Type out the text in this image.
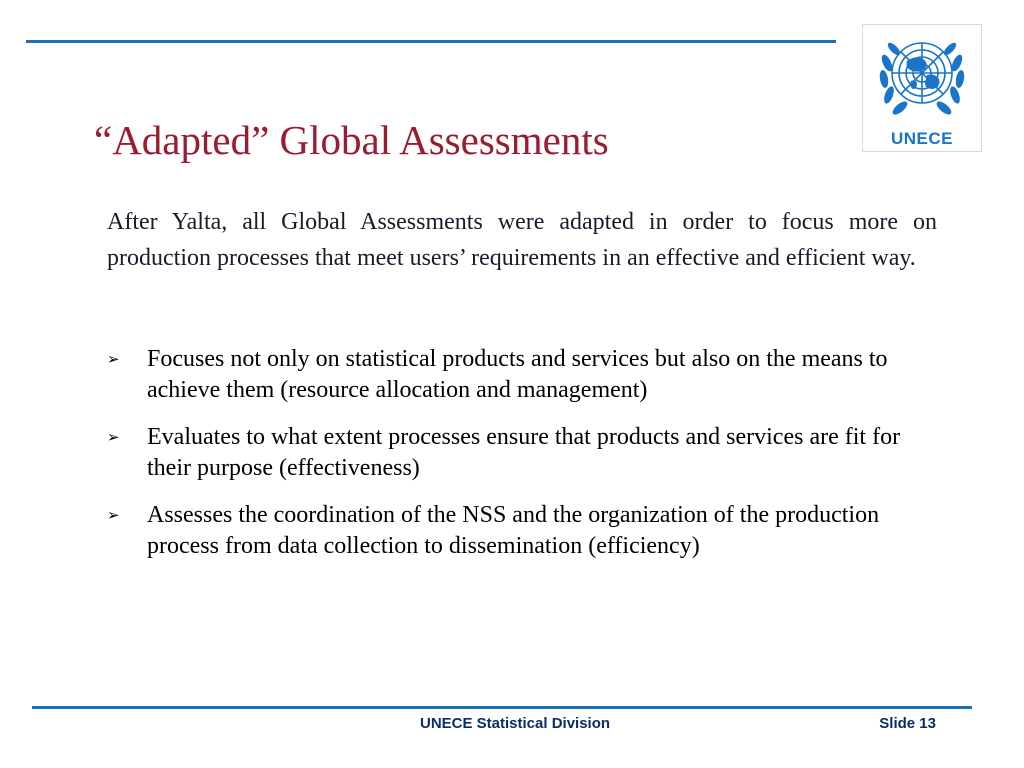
UNECE
“Adapted” Global Assessments

After Yalta, all Global Assessments were adapted in order to focus more on production processes that meet users’ requirements in an effective and efficient way.

➢ Focuses not only on statistical products and services but also on the means to achieve them (resource allocation and management)
➢ Evaluates to what extent processes ensure that products and services are fit for their purpose (effectiveness)
➢ Assesses the coordination of the NSS and the organization of the production process from data collection to dissemination (efficiency)
UNECE Statistical Division	Slide 13
